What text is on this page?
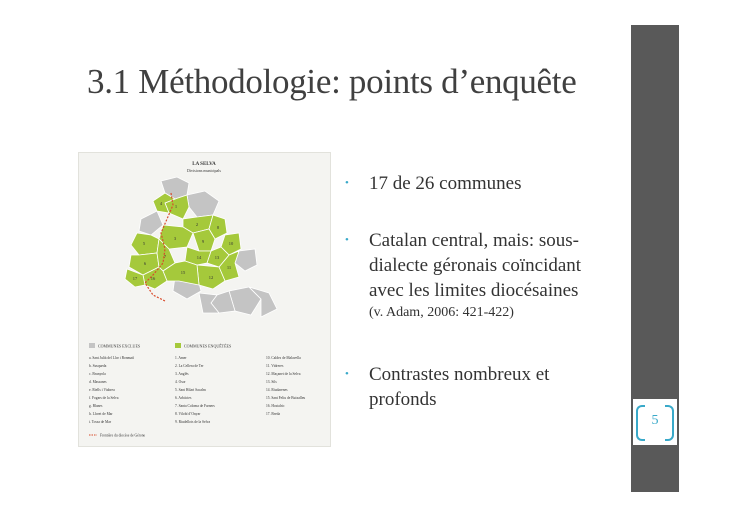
5
3.1 Méthodologie: points d’enquête
LA SELVA
Divisions municipals
1
2
3
4
5
6
7
8
9	10
11
12
13
14
15
16
17
COMMUNES EXCLUES	COMMUNES ENQUÊTÉES
a. Sant Julià del Llor i Bonmatí
b. Susqueda
c. Brunyola
d. Massanes
e. Riells i Viabrea
f. Fogars de la Selva
g. Blanes
h. Lloret de Mar
i. Tossa de Mar
1. Amer
2. La Cellera de Ter
3. Anglès
4. Osor
5. Sant Hilari Sacalm
6. Arbúcies
7. Santa Coloma de Farners
8. Vilobí d’Onyar
9. Riudellots de la Selva
10. Caldes de Malavella
11. Vidreres
12. Maçanet de la Selva
13. Sils
14. Riudarenes
15. Sant Feliu de Buixalleu
16. Hostalric
17. Breda
Frontière du diocèse de Gérone
• 17 de 26 communes
• Catalan central, mais: sous-
dialecte géronais coïncidant
avec les limites diocésaines
(v. Adam, 2006: 421-422)
• Contrastes nombreux et
profonds
